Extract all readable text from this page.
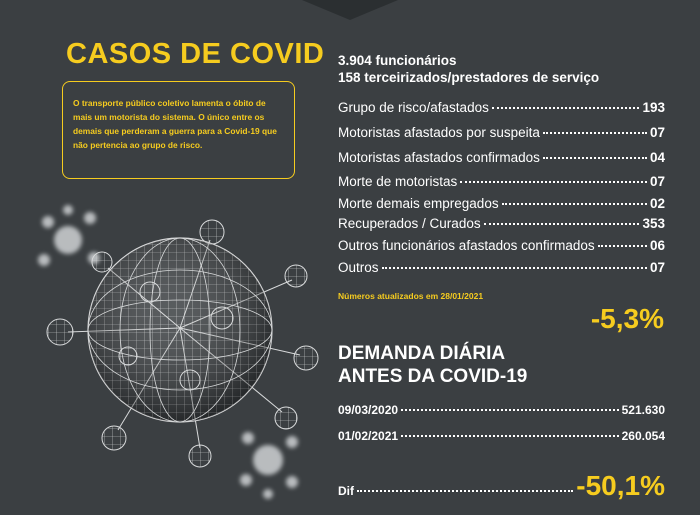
CASOS DE COVID
O transporte público coletivo lamenta o óbito de mais um motorista do sistema. O único entre os demais que perderam a guerra para a Covid-19 que não pertencia ao grupo de risco.
3.904 funcionários
158 terceirizados/prestadores de serviço
Grupo de risco/afastados	193
Motoristas afastados por suspeita	07
Motoristas afastados confirmados	04
Morte de motoristas	07
Morte demais empregados	02
Recuperados / Curados	353
Outros funcionários afastados confirmados	06
Outros	07
Números atualizados em 28/01/2021
-5,3%
DEMANDA DIÁRIA
ANTES DA COVID-19
09/03/2020	521.630
01/02/2021	260.054
Dif	-50,1%
